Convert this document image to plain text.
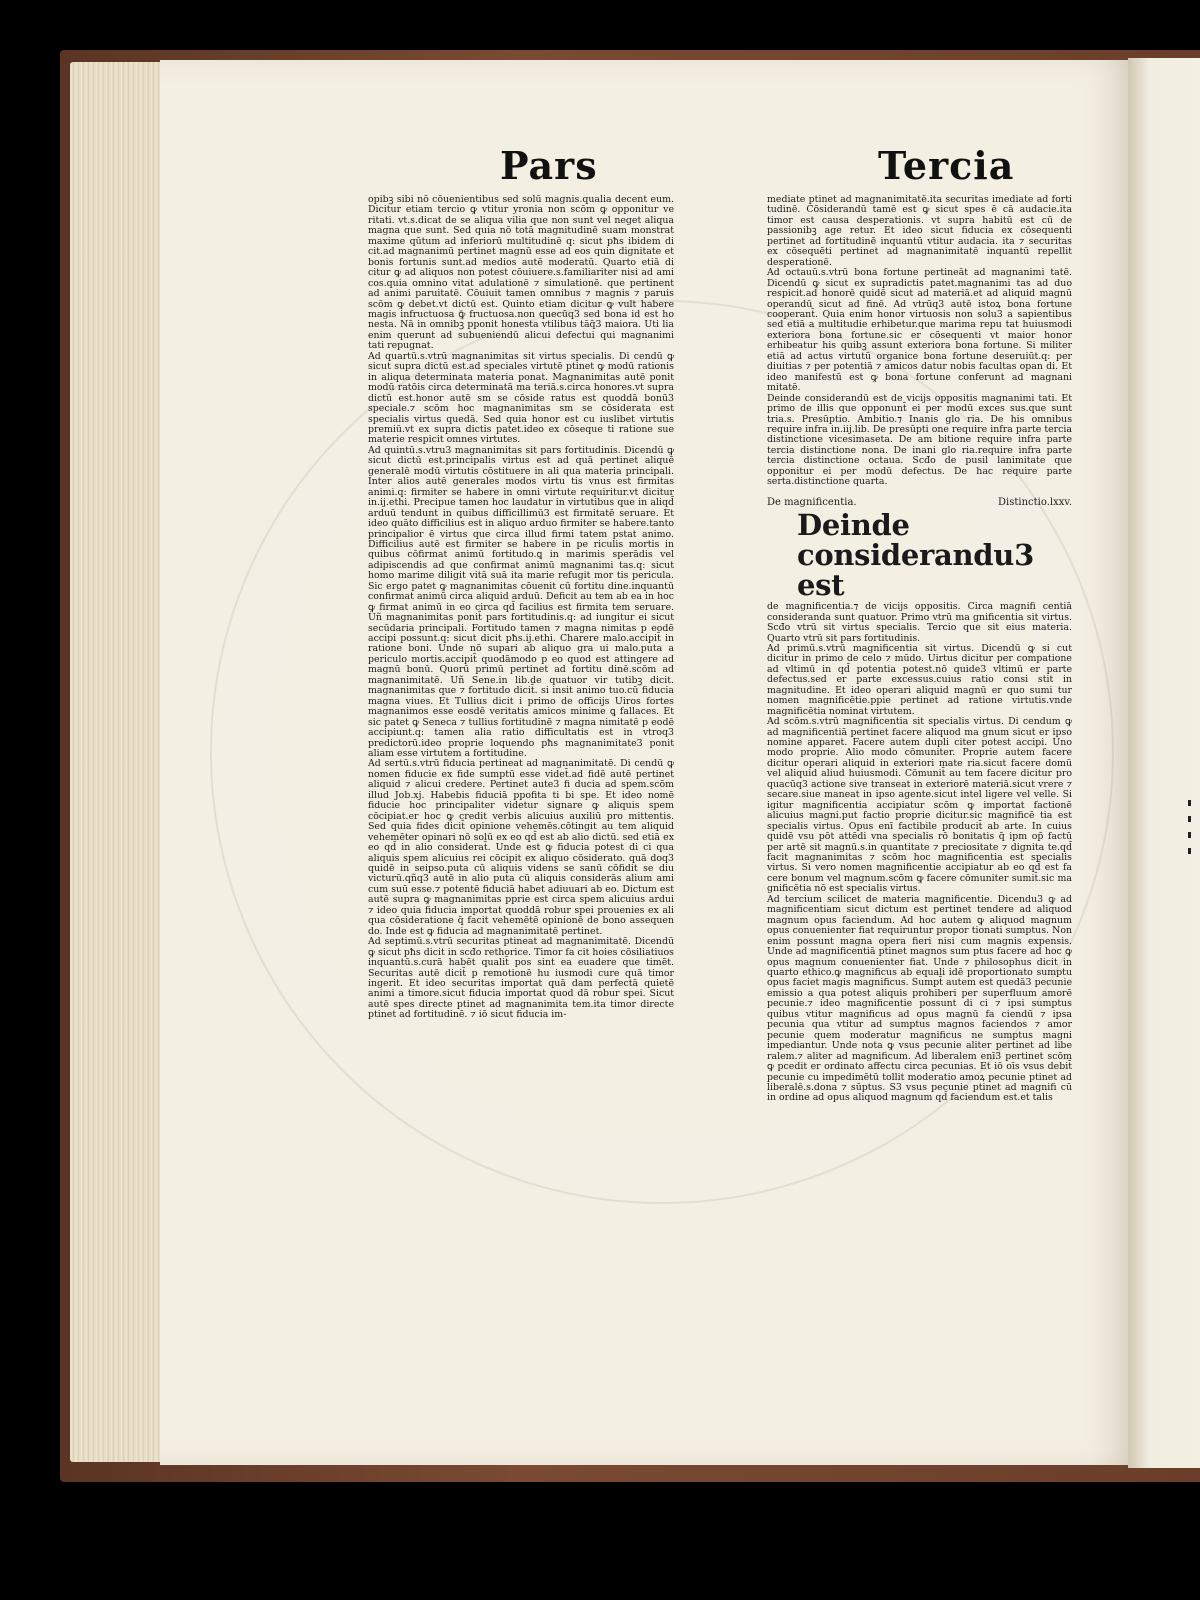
Pars	Tercia

opibꝫ sibi nō cōuenientibus sed solū magnis.qualia decent eum. Dicitur etiam tercio ꝙ vtitur yronia non scōm ꝙ opponitur ve ritati. vt.s.dicat de se aliqua vilia que non sunt vel neget aliqua magna que sunt. Sed quia nō totā magnitudinē suam monstrat maxime qūtum ad inferiorū multitudinē q: sicut pħs ibidem di cit.ad magnanimū pertinet magnū esse ad eos quin dignitate et bonis fortunis sunt.ad medios autē moderatū. Quarto etiā di citur ꝙ ad aliquos non potest cōuiuere.s.familiariter nisi ad ami cos.quia omnino vitat adulationē ⁊ simulationē. que pertinent ad animi paruitatē. Cōuiuit tamen omnibus ⁊ magnis ⁊ paruis scōm ꝙ debet.vt dictū est. Quinto etiam dicitur ꝙ vult habere magis infructuosa ꝙ̄ fructuosa.non quecūq3 sed bona id est ho nesta. Nā in omnibꝫ pponit honesta vtilibus tāq̄3 maiora. Uti lia enim querunt ad subueniendū alicui defectui qui magnanimi tati repugnat.

Ad quartū.s.vtrū magnanimitas sit virtus specialis. Di cendū ꝙ sicut supra dictū est.ad speciales virtutē ptinet ꝙ modū rationis in aliqua determinata materia ponat. Magnanimitas autē ponit modū ratōis circa determinatā ma teriā.s.circa honores.vt supra dictū est.honor autē sm se cōside ratus est quoddā bonū3 speciale.⁊ scōm hoc magnanimitas sm se cōsiderata est specialis virtus quedā. Sed quia honor est cu iuslibet virtutis premiū.vt ex supra dictis patet.ideo ex cōseque ti ratione sue materie respicit omnes virtutes.

Ad quintū.s.vtru3 magnanimitas sit pars fortitudinis. Dicendū ꝙ sicut dictū est.principalis virtus est ad quā pertinet aliquē generalē modū virtutis cōstituere in ali qua materia principali. Inter alios autē generales modos virtu tis vnus est firmitas animi.q: firmiter se habere in omni virtute requiritur.vt dicitur in.ij.ethi. Precipue tamen hoc laudatur in virtutibus que in aliqd̄ arduū tendunt in quibus difficillimū3 est firmitatē seruare. Et ideo quāto difficilius est in aliquo arduo firmiter se habere.tanto principalior ē virtus que circa illud firmi tatem pstat animo. Difficilius autē est firmiter se habere in pe riculis mortis in quibus cōfirmat animū fortitudo.ꝗ in marimis sperādis vel adipiscendis ad que confirmat animū magnanimi tas.q: sicut homo marime diligit vitā suā ita marie refugit mor tis pericula. Sic ergo patet ꝙ magnanimitas cōuenit cū fortitu dine.inquantū confirmat animū circa aliquid arduū. Deficit au tem ab ea in hoc ꝙ firmat animū in eo circa qd̄ facilius est firmita tem seruare. Uñ magnanimitas ponit̄ pars fortitudinis.q: ad iungitur ei sicut secūdaria principali. Fortitudo tamen ⁊ magna nimitas p eodē accipi possunt.q: sicut dicit pħs.ij.ethi. Charere malo.accipit̄ in ratione boni. Unde nō supari ab aliquo gra ui malo.puta a periculo mortis.accipit̄ quodāmodo p eo quod est attingere ad magnū bonū. Quorū primū pertinet ad fortitu dinē.scōm ad magnanimitatē. Uñ Sene.in lib.de quatuor vir tutibꝫ dicit. magnanimitas que ⁊ fortitudo dicit̄. si insit animo tuo.cū fiducia magna viues. Et Tullius dicit i primo de officijs Uiros fortes magnanimos esse eosdē veritatis amicos minime ꝗ fallaces. Et sic patet ꝙ Seneca ⁊ tullius fortitudinē ⁊ magna nimitatē p eodē accipiunt.q: tamen alia ratio difficultatis est in vtroq3 predictorū.ideo proprie loquendo pħs magnanimitate3 ponit aliam esse virtutem a fortitudine.

Ad sertū.s.vtrū fiducia pertineat ad magnanimitatē. Di cendū ꝙ nomen fiducie ex fide sumptū esse videt̄.ad fidē autē pertinet aliquid ⁊ alicui credere. Pertinet aute3 fi ducia ad spem.scōm illud Job.xj. Habebis fiduciā ppofita ti bi spe. Et ideo nomē fiducie hoc principaliter videtur signare ꝙ aliquis spem cōcipiat.er hoc ꝙ credit verbis alicuius auxiliū pro mittentis. Sed quia fides dicit̄ opinione vehemēs.cōtingit au tem aliquid vehemēter opinari nō solū ex eo qd̄ est ab alio dictū. sed etiā ex eo qd̄ in alio considerat̄. Unde est ꝙ fiducia potest di ci qua aliquis spem alicuius rei cōcipit ex aliquo cōsiderato. quā doq3 quidē in seipso.puta cū aliquis videns se sanū cōfidit se diu victurū.qñq3 autē in alio puta cū aliquis considerās alium ami cum suū esse.⁊ potentē fiduciā habet adiuuari ab eo. Dictum est autē supra ꝙ magnanimitas pprie est circa spem alicuius ardui ⁊ ideo quia fiducia importat quoddā robur spei prouenies ex ali qua cōsideratione q̄ facit vehemētē opinionē de bono assequen do. Inde est ꝙ fiducia ad magnanimitatē pertinet.

Ad septimū.s.vtrū securitas ptineat ad magnanimitatē. Dicendū ꝙ sicut pħs dicit in scđo rethorice. Timor fa cit hoies cōsiliatiuos inquantū.s.curā habēt qualit̄ pos sint ea euadere que timēt. Securitas autē dicit̄ p remotionē hu iusmodi cure quā timor ingerit. Et ideo securitas importat quā dam perfectā quietē animi a timore.sicut fiducia importat quod dā robur spei. Sicut autē spes directe ptinet ad magnanimita tem.ita timor directe ptinet ad fortitudinē. ⁊ iō sicut fiducia im-

mediate ptinet ad magnanimitatē.ita securitas imediate ad forti tudinē. Cōsiderandū tamē est ꝙ sicut spes ē cā audacie.ita timor est causa desperationis. vt supra habitū est cū de passionibꝫ age retur. Et ideo sicut fiducia ex cōsequenti pertinet ad fortitudinē inquantū vtitur audacia. ita ⁊ securitas ex cōsequēti pertinet ad magnanimitatē inquantū repellit desperationē.

Ad octauū.s.vtrū bona fortune pertineāt ad magnanimi tatē. Dicendū ꝙ sicut ex supradictis patet.magnanimi tas ad duo respicit.ad honorē quidē sicut ad materiā.et ad aliquid magnū operandū sicut ad finē. Ad vtrūq3 autē istoꝝ bona fortune cooperant̄. Quia enim honor virtuosis non solu3 a sapientibus sed etiā a multitudie erhibetur.que marima repu tat huiusmodi exteriora bona fortune.sic er cōsequenti vt maior honor erhibeatur his quibꝫ assunt exteriora bona fortune. Si militer etiā ad actus virtutū organice bona fortune deseruiūt.q: per diuitias ⁊ per potentiā ⁊ amicos datur nobis facultas opan di. Et ideo manifestū est ꝙ bona fortune conferunt ad magnani mitatē.

Deinde considerandū est de vicijs oppositis magnanimi tati. Et primo de illis que opponunt̄ ei per modū exces sus.que sunt tria.s. Presūptio. Ambitio.⁊ Inanis glo ria. De his omnibus require infra in.iij.lib. De presūpti one require infra parte tercia distinctione vicesimaseta. De am bitione require infra parte tercia distinctione nona. De inani glo ria.require infra parte tercia distinctione octaua. Scđo de pusil lanimitate que opponitur ei per modū defectus. De hac require parte serta.distinctione quarta.

De magnificentia.	Distinctio.lxxv.
Deinde considerandu3 est

de magnificentia.⁊ de vicijs oppositis. Circa magnifi centiā consideranda sunt quatuor. Primo vtrū ma gnificentia sit virtus. Scđo vtrū sit virtus specialis. Tercio que sit eius materia. Quarto vtrū sit pars fortitudinis.

Ad primū.s.vtrū magnificentia sit virtus. Dicendū ꝙ si cut dicitur in primo de celo ⁊ mūdo. Uirtus dicitur per compatione ad vltimū in qd̄ potentia potest.nō quide3 vltimū er parte defectus.sed er parte excessus.cuius ratio consi stit in magnitudine. Et ideo operari aliquid magnū er quo sumi tur nomen magnificētie.ppie pertinet ad ratione virtutis.vnde magnificētia nominat virtutem.

Ad scōm.s.vtrū magnificentia sit specialis virtus. Di cendum ꝙ ad magnificentiā pertinet facere aliquod ma gnum sicut er ipso nomine apparet. Facere autem dupli citer potest accipi. Uno modo proprie. Alio modo cōmuniter. Proprie autem facere dicitur operari aliquid in exteriori mate ria.sicut facere domū vel aliquid aliud huiusmodi. Cōmunit̄ au tem facere dicitur pro quacūq3 actione sive transeat in exteriorē materiā.sicut vrere ⁊ secare.siue maneat in ipso agente.sicut intel ligere vel velle. Si igitur magnificentia accipiatur scōm ꝙ importat factionē alicuius magni.put factio proprie dicitur.sic magnificē tia est specialis virtus. Opus enī factibile producit̄ ab arte. In cuius quidē vsu pōt attēdi vna specialis rō bonitatis q̄ ipm op̄ factū per artē sit magnū.s.in quantitate ⁊ preciositate ⁊ dignita te.qd̄ facit magnanimitas ⁊ scōm hoc magnificentia est specialis virtus. Si vero nomen magnificentie accipiatur ab eo qd̄ est fa cere bonum vel magnum.scōm ꝙ facere cōmuniter sumit̄.sic ma gnificētia nō est specialis virtus.

Ad tercium scilicet de materia magnificentie. Dicendu3 ꝙ ad magnificentiam sicut dictum est pertinet tendere ad aliquod magnum opus faciendum. Ad hoc autem ꝙ aliquod magnum opus conuenienter fiat requiruntur propor tionati sumptus. Non enim possunt magna opera fieri nisi cum magnis expensis. Unde ad magnificentiā ptinet magnos sum ptus facere ad hoc ꝙ opus magnum conuenienter fiat. Unde ⁊ philosophus dicit in quarto ethico.ꝙ magnificus ab equali idē proportionato sumptu opus faciet magis magnificus. Sumpt̄ autem est quedā3 pecunie emissio a qua potest aliquis prohiberi per superfluum amorē pecunie.⁊ ideo magnificentie possunt di ci ⁊ ipsi sumptus quibus vtitur magnificus ad opus magnū fa ciendū ⁊ ipsa pecunia qua vtitur ad sumptus magnos faciendos ⁊ amor pecunie quem moderatur magnificus ne sumptus magni impediantur. Unde nota ꝙ vsus pecunie aliter pertinet ad libe ralem.⁊ aliter ad magnificum. Ad liberalem enī3 pertinet scōm ꝙ pcedit er ordinato affectu circa pecunias. Et iō oīs vsus debit̄ pecunie cu impedimētū tollit moderatio amoꝝ pecunie ptinet ad liberalē.s.dona ⁊ sūptus. S3 vsus pecunie ptinet ad magnifi cū in ordine ad opus aliquod magnum qd̄ faciendum est.et talis
